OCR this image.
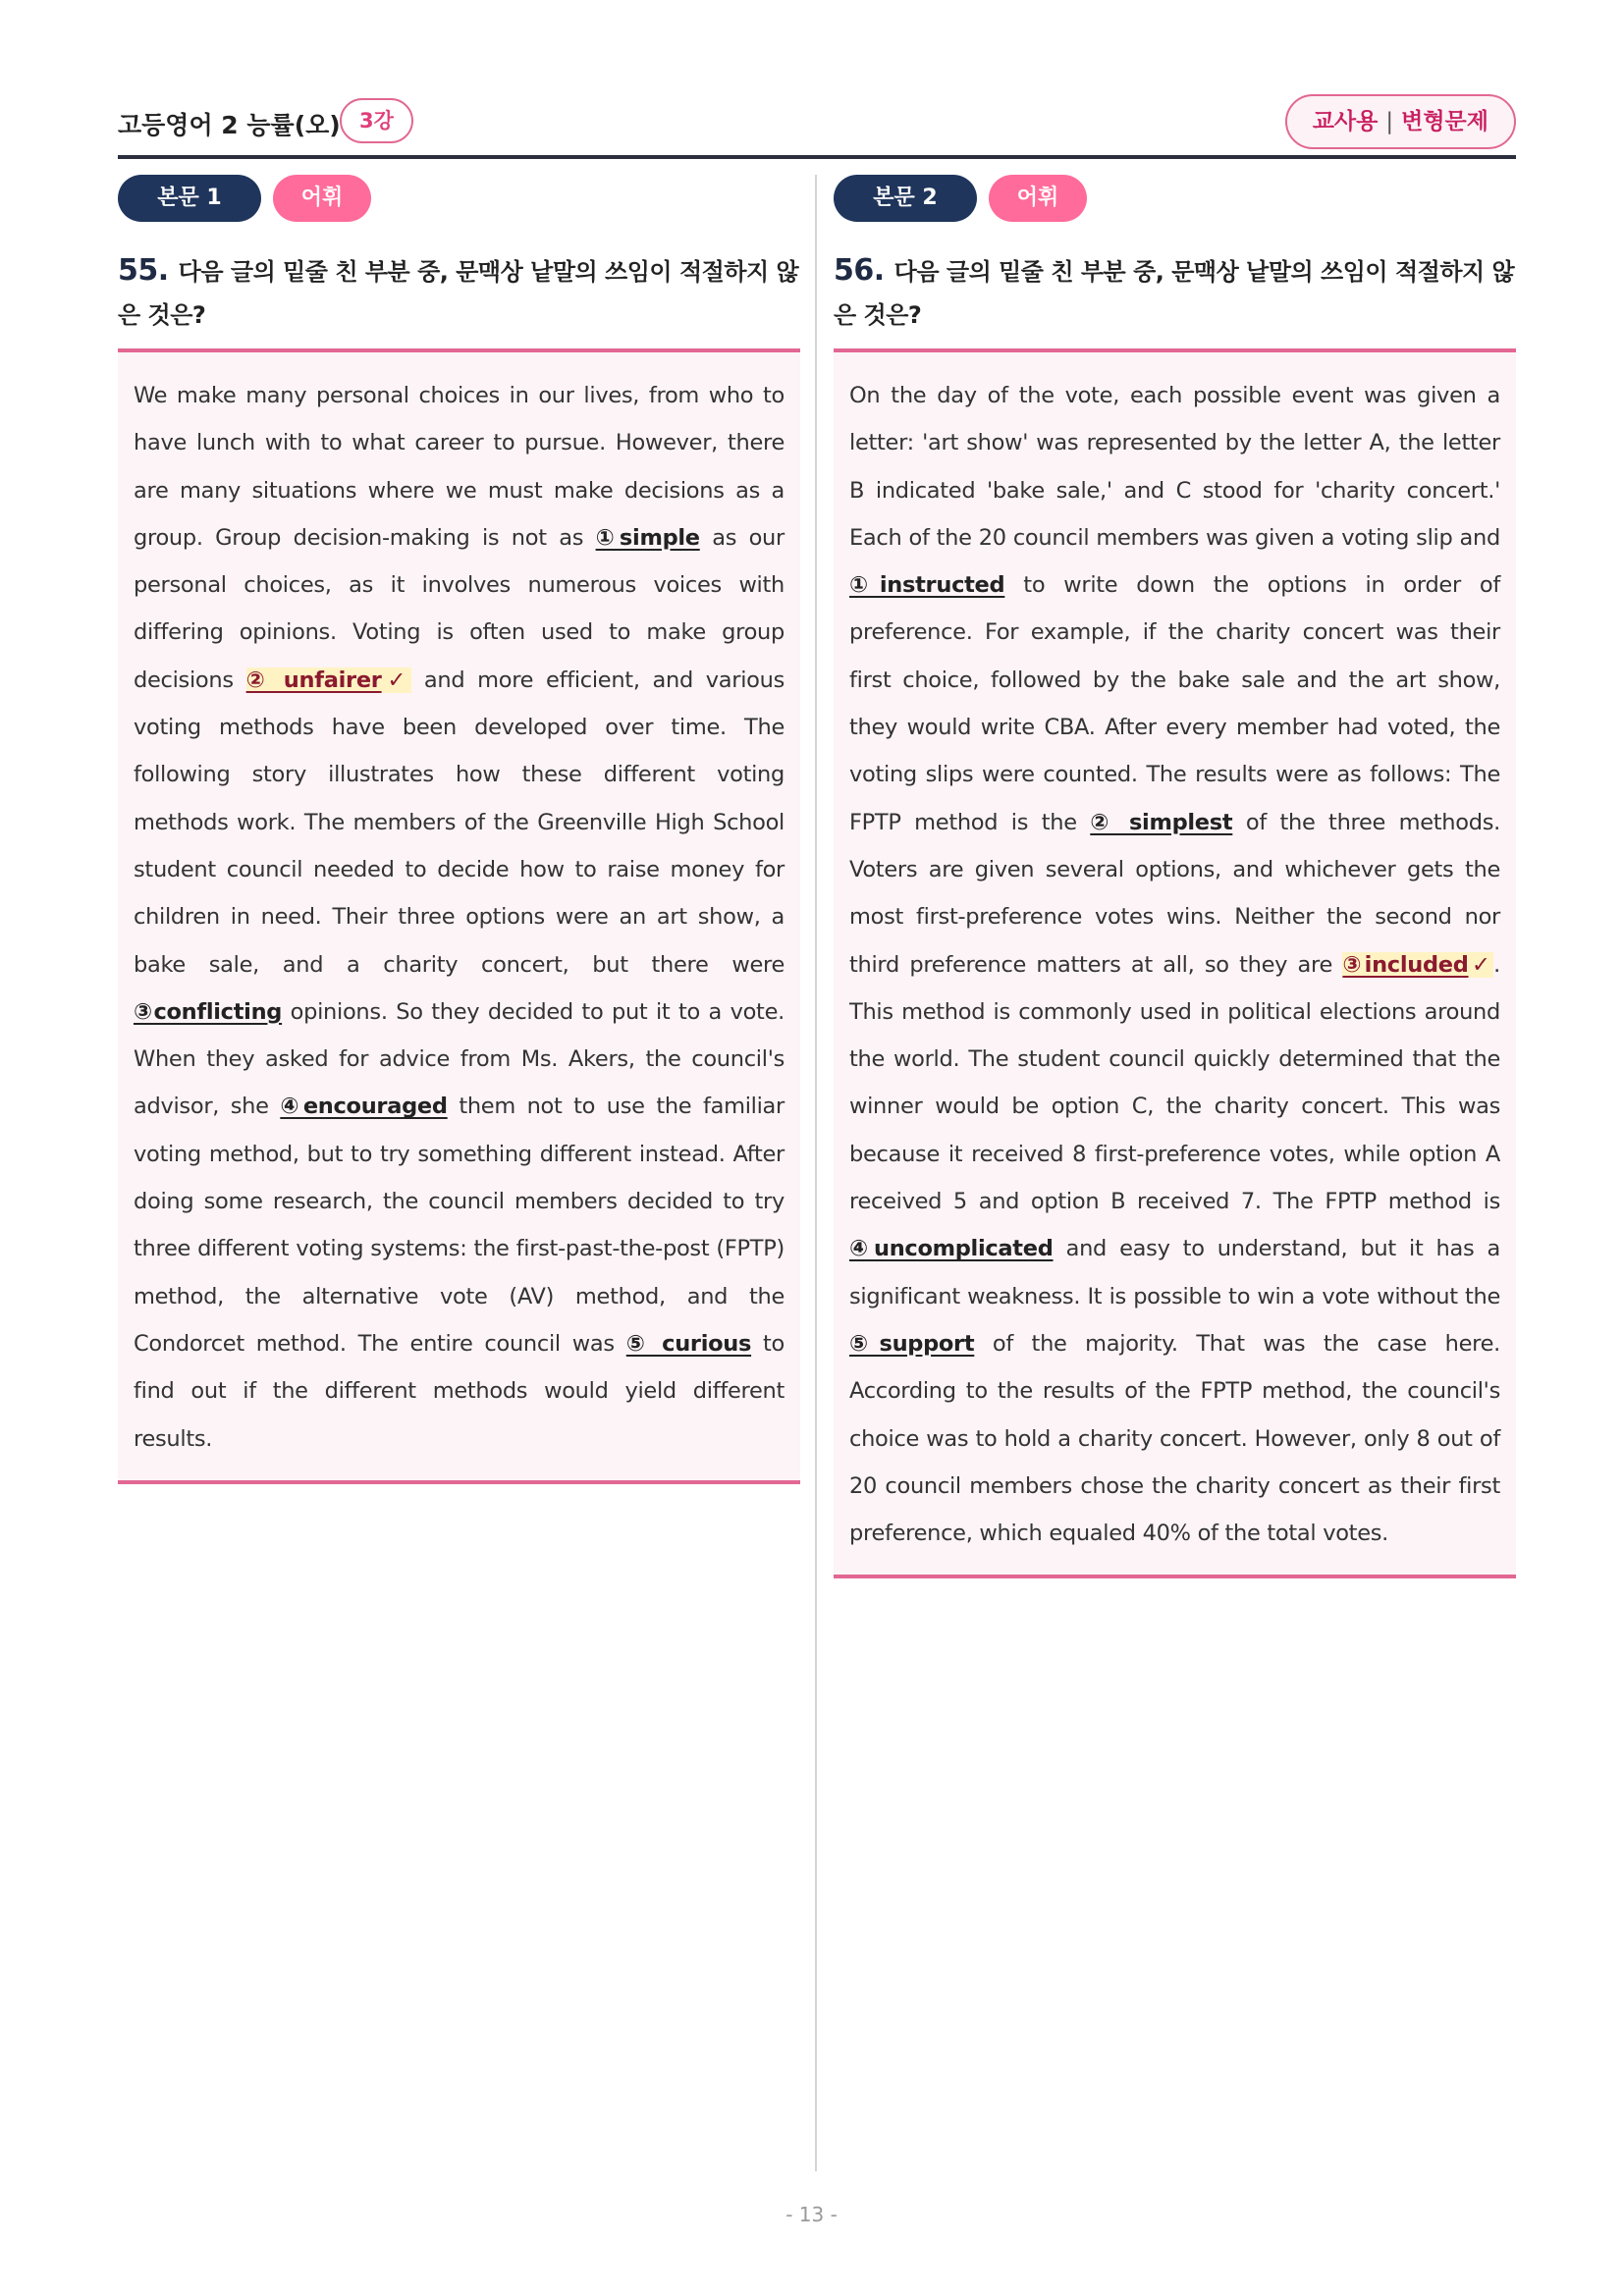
고등영어 2 능률(오) 3강	교사용 | 변형문제
본문 1	어휘
55. 다음 글의 밑줄 친 부분 중, 문맥상 낱말의 쓰임이 적절하지 않은 것은?
We make many personal choices in our lives, from who to have lunch with to what career to pursue. However, there are many situations where we must make decisions as a group. Group decision-making is not as ①simple as our personal choices, as it involves numerous voices with differing opinions. Voting is often used to make group decisions ② unfairer✓ and more efficient, and various voting methods have been developed over time. The following story illustrates how these different voting methods work. The members of the Greenville High School student council needed to decide how to raise money for children in need. Their three options were an art show, a bake sale, and a charity concert, but there were ③conflicting opinions. So they decided to put it to a vote. When they asked for advice from Ms. Akers, the council's advisor, she ④encouraged them not to use the familiar voting method, but to try something different instead. After doing some research, the council members decided to try three different voting systems: the first-past-the-post (FPTP) method, the alternative vote (AV) method, and the Condorcet method. The entire council was ⑤ curious to find out if the different methods would yield different results.
본문 2	어휘
56. 다음 글의 밑줄 친 부분 중, 문맥상 낱말의 쓰임이 적절하지 않은 것은?
On the day of the vote, each possible event was given a letter: 'art show' was represented by the letter A, the letter B indicated 'bake sale,' and C stood for 'charity concert.' Each of the 20 council members was given a voting slip and ①instructed to write down the options in order of preference. For example, if the charity concert was their first choice, followed by the bake sale and the art show, they would write CBA. After every member had voted, the voting slips were counted. The results were as follows: The FPTP method is the ② simplest of the three methods. Voters are given several options, and whichever gets the most first-preference votes wins. Neither the second nor third preference matters at all, so they are ③included✓. This method is commonly used in political elections around the world. The student council quickly determined that the winner would be option C, the charity concert. This was because it received 8 first-preference votes, while option A received 5 and option B received 7. The FPTP method is ④uncomplicated and easy to understand, but it has a significant weakness. It is possible to win a vote without the ⑤support of the majority. That was the case here. According to the results of the FPTP method, the council's choice was to hold a charity concert. However, only 8 out of 20 council members chose the charity concert as their first preference, which equaled 40% of the total votes.
- 13 -
